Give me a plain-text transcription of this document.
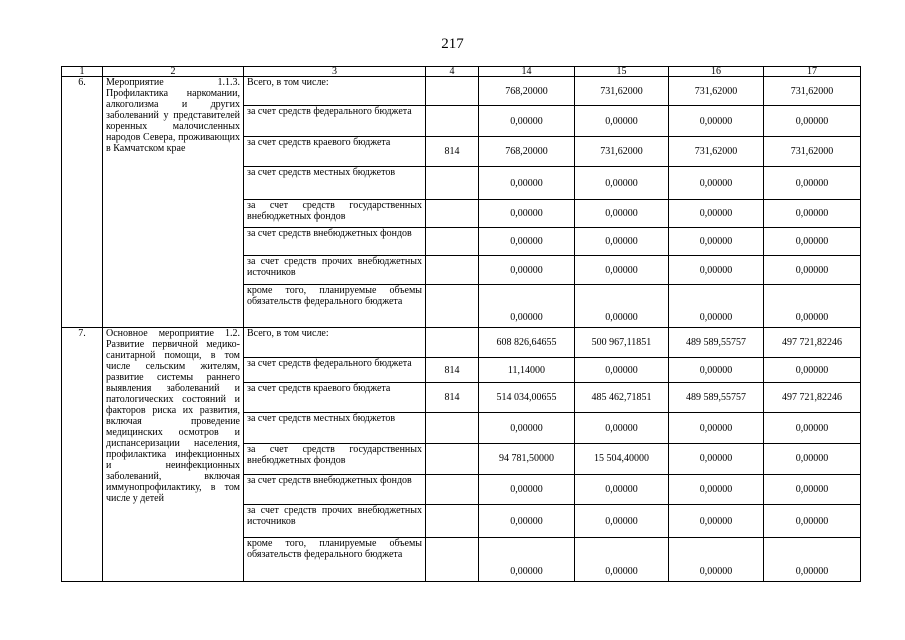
217
1	2	3	4	14	15	16	17
6.	Мероприятие 1.1.3. Профилактика наркомании, алкоголизма и других заболеваний у представителей коренных малочисленных народов Севера, проживающих в Камчатском крае	Всего, в том числе:		768,20000	731,62000	731,62000	731,62000
		за счет средств федерального бюджета		0,00000	0,00000	0,00000	0,00000
		за счет средств краевого бюджета	814	768,20000	731,62000	731,62000	731,62000
		за счет средств местных бюджетов		0,00000	0,00000	0,00000	0,00000
		за счет средств государственных внебюджетных фондов		0,00000	0,00000	0,00000	0,00000
		за счет средств внебюджетных фондов		0,00000	0,00000	0,00000	0,00000
		за счет средств прочих внебюджетных источников		0,00000	0,00000	0,00000	0,00000
		кроме того, планируемые объемы обязательств федерального бюджета		0,00000	0,00000	0,00000	0,00000
7.	Основное мероприятие 1.2. Развитие первичной медико-санитарной помощи, в том числе сельским жителям, развитие системы раннего выявления заболеваний и патологических состояний и факторов риска их развития, включая проведение медицинских осмотров и диспансеризации населения, профилактика инфекционных и неинфекционных заболеваний, включая иммунопрофилактику, в том числе у детей	Всего, в том числе:		608 826,64655	500 967,11851	489 589,55757	497 721,82246
		за счет средств федерального бюджета	814	11,14000	0,00000	0,00000	0,00000
		за счет средств краевого бюджета	814	514 034,00655	485 462,71851	489 589,55757	497 721,82246
		за счет средств местных бюджетов		0,00000	0,00000	0,00000	0,00000
		за счет средств государственных внебюджетных фондов		94 781,50000	15 504,40000	0,00000	0,00000
		за счет средств внебюджетных фондов		0,00000	0,00000	0,00000	0,00000
		за счет средств прочих внебюджетных источников		0,00000	0,00000	0,00000	0,00000
		кроме того, планируемые объемы обязательств федерального бюджета		0,00000	0,00000	0,00000	0,00000
